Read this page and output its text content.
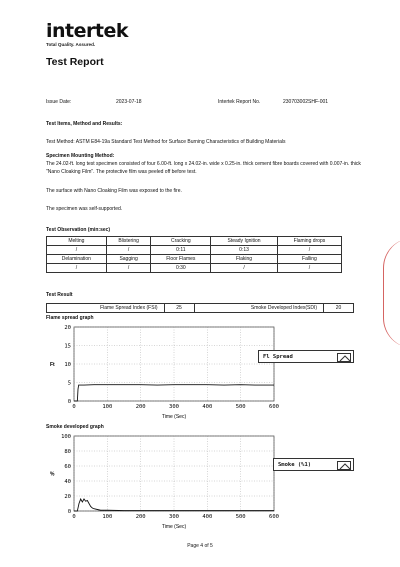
intertek
Total Quality. Assured.
Test Report
Issue Date:	2023-07-18	Intertek Report No.	230703002SHF-001
Test Items, Method and Results:
Test Method: ASTM E84-19a Standard Test Method for Surface Burning Characteristics of Building Materials
Specimen Mounting Method:
The 24.02-ft. long test specimen consisted of four 6.00-ft. long x 24.02-in. wide x 0.25-in. thick cement fibre boards covered with 0.007-in. thick "Nano Cloaking Film". The protective film was peeled off before test.
The surface with Nano Cloaking Film was exposed to the fire.
The specimen was self-supported.
Test Observation (min:sec)
Melting	Blistering	Cracking	Steady Ignition	Flaming drops
/	/	0:11	0:13	/
Delamination	Sagging	Floor Flames	Flaking	Falling
/	/	0:30	/	/
Test Result
Flame Spread Index (FSI)	25	Smoke Developed Index(SDI)	20
Flame spread graph
0
5
10
15
20
0	100	200	300	400	500	600
Time (Sec)
Ft
Fl Spread
Smoke developed graph
0
20
40
60
80
100
0	100	200	300	400	500	600
Time (Sec)
%
Smoke (%1)
Page 4 of 5
